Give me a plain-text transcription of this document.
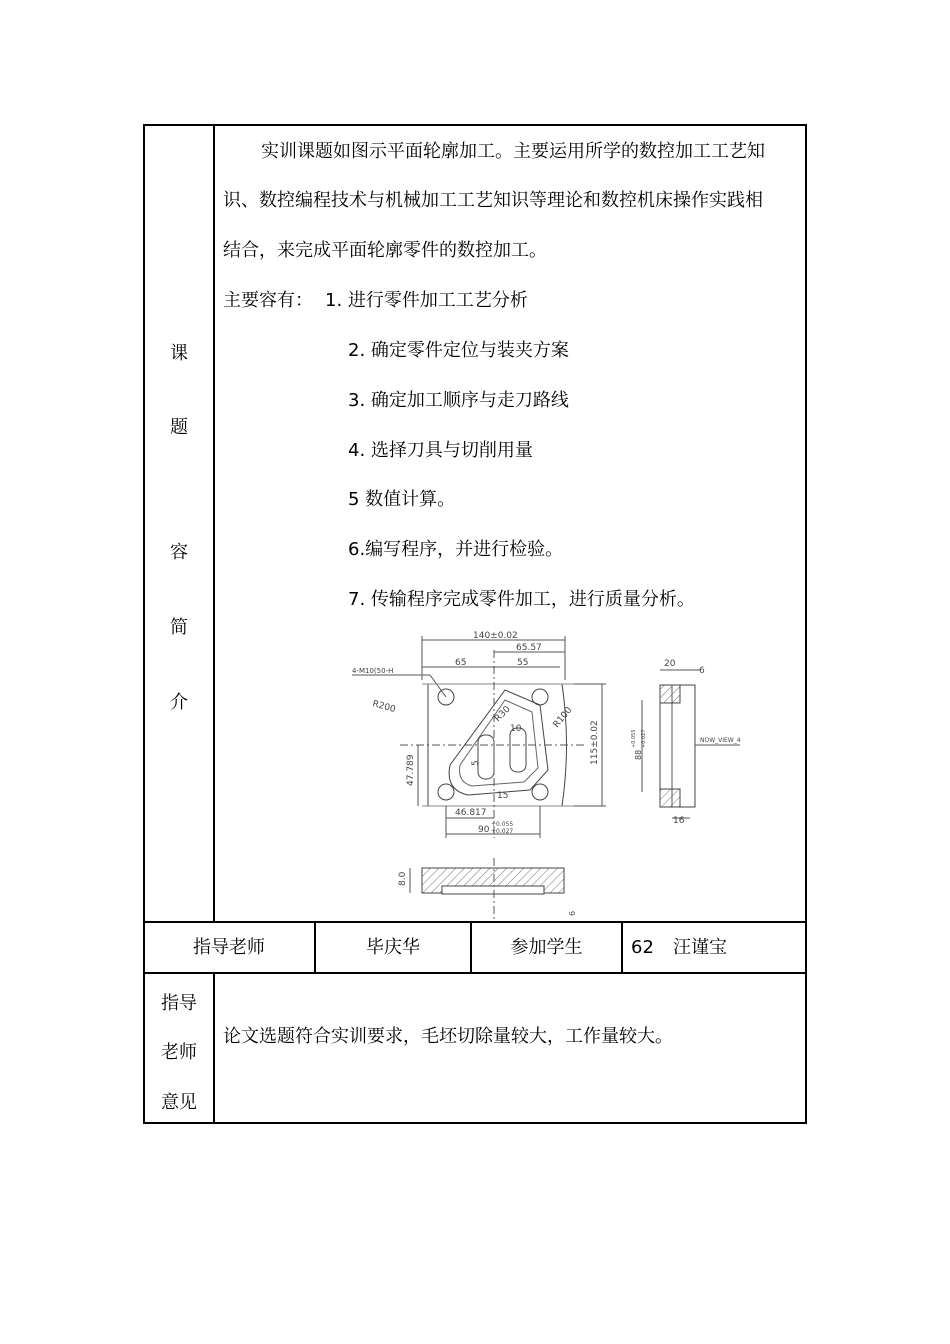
课
题
容
简
介
实训课题如图示平面轮廓加工。主要运用所学的数控加工工艺知
识、数控编程技术与机械加工工艺知识等理论和数控机床操作实践相
结合，来完成平面轮廓零件的数控加工。
主要容有： 1. 进行零件加工工艺分析
2. 确定零件定位与装夹方案
3. 确定加工顺序与走刀路线
4. 选择刀具与切削用量
5 数值计算。
6.编写程序，并进行检验。
7. 传输程序完成零件加工，进行质量分析。
140±0.02
65.57
65	55
4-M10(50-H
R200	R30
10
5
R100
115±0.02
47.789
15
46.817
90
+0.055
+0.027
20
6
88
+0.055 +0.027	NOW_VIEW_4
16
8.0
6
指导老师	毕庆华	参加学生	62 汪谨宝
指导
老师
意见
论文选题符合实训要求，毛坯切除量较大，工作量较大。
